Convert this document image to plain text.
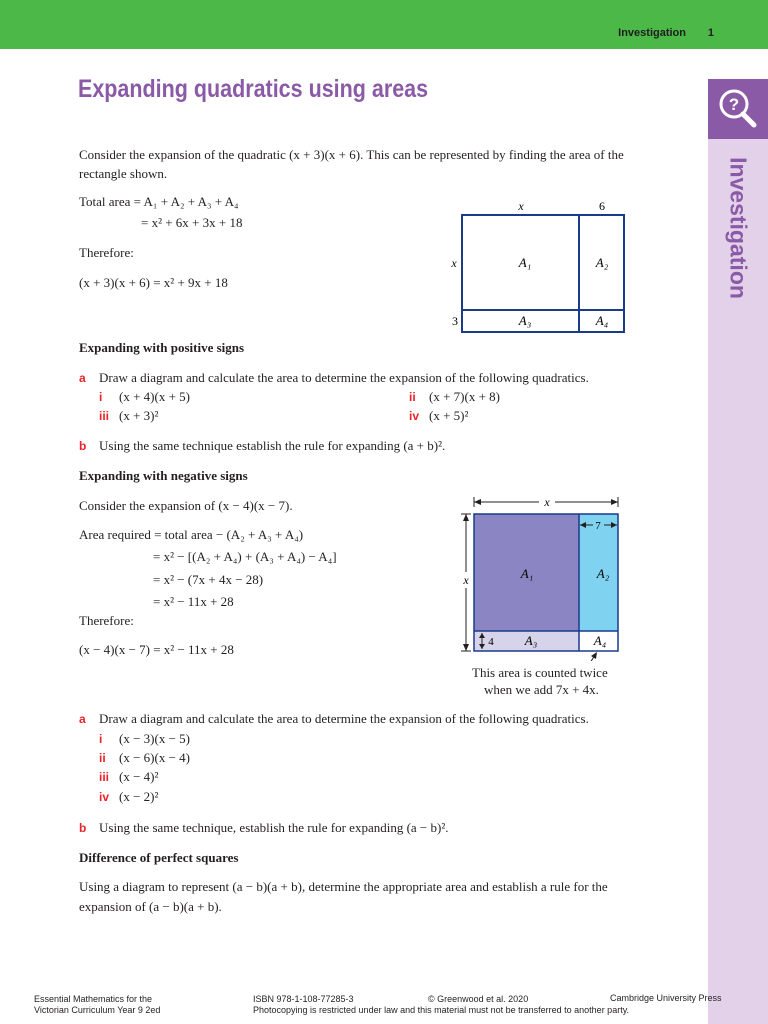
Investigation 1
?
Investigation
Expanding quadratics using areas
Consider the expansion of the quadratic (x + 3)(x + 6). This can be represented by finding the area of the
rectangle shown.
Total area = A₁ + A₂ + A₃ + A₄
= x² + 6x + 3x + 18
Therefore:
(x + 3)(x + 6) = x² + 9x + 18
x	6
x
3
A₁	A₂
A₃	A₄
Expanding with positive signs
a Draw a diagram and calculate the area to determine the expansion of the following quadratics.
i (x + 4)(x + 5)	ii (x + 7)(x + 8)
iii (x + 3)²	iv (x + 5)²
b Using the same technique establish the rule for expanding (a + b)².
Expanding with negative signs
Consider the expansion of (x − 4)(x − 7).
Area required = total area − (A₂ + A₃ + A₄)
= x² − [(A₂ + A₄) + (A₃ + A₄) − A₄]
= x² − (7x + 4x − 28)
= x² − 11x + 28
Therefore:
(x − 4)(x − 7) = x² − 11x + 28
x
7
x
4
A₁	A₂
A₃	A₄
This area is counted twice
when we add 7x + 4x.
a Draw a diagram and calculate the area to determine the expansion of the following quadratics.
i (x − 3)(x − 5)
ii (x − 6)(x − 4)
iii (x − 4)²
iv (x − 2)²
b Using the same technique, establish the rule for expanding (a − b)².
Difference of perfect squares
Using a diagram to represent (a − b)(a + b), determine the appropriate area and establish a rule for the
expansion of (a − b)(a + b).
Essential Mathematics for the
Victorian Curriculum Year 9 2ed
ISBN 978-1-108-77285-3	© Greenwood et al. 2020	Cambridge University Press
Photocopying is restricted under law and this material must not be transferred to another party.
